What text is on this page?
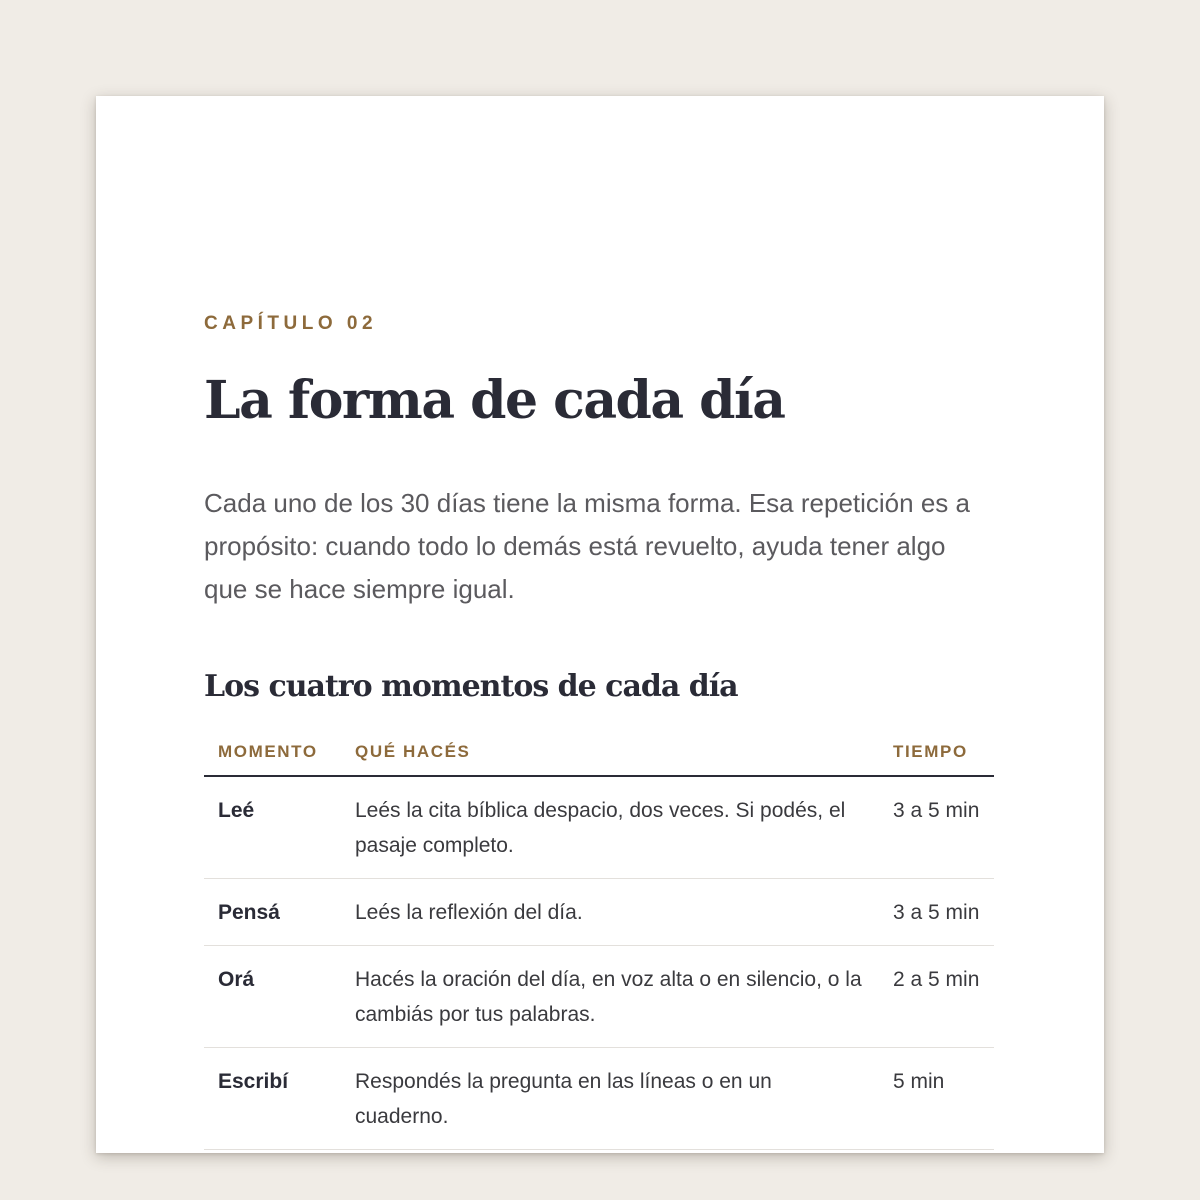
CAPÍTULO 02

La forma de cada día

Cada uno de los 30 días tiene la misma forma. Esa repetición es a propósito: cuando todo lo demás está revuelto, ayuda tener algo que se hace siempre igual.

Los cuatro momentos de cada día
MOMENTO	QUÉ HACÉS	TIEMPO
Leé	Leés la cita bíblica despacio, dos veces. Si podés, el pasaje completo.	3 a 5 min
Pensá	Leés la reflexión del día.	3 a 5 min
Orá	Hacés la oración del día, en voz alta o en silencio, o la cambiás por tus palabras.	2 a 5 min
Escribí	Respondés la pregunta en las líneas o en un cuaderno.	5 min
